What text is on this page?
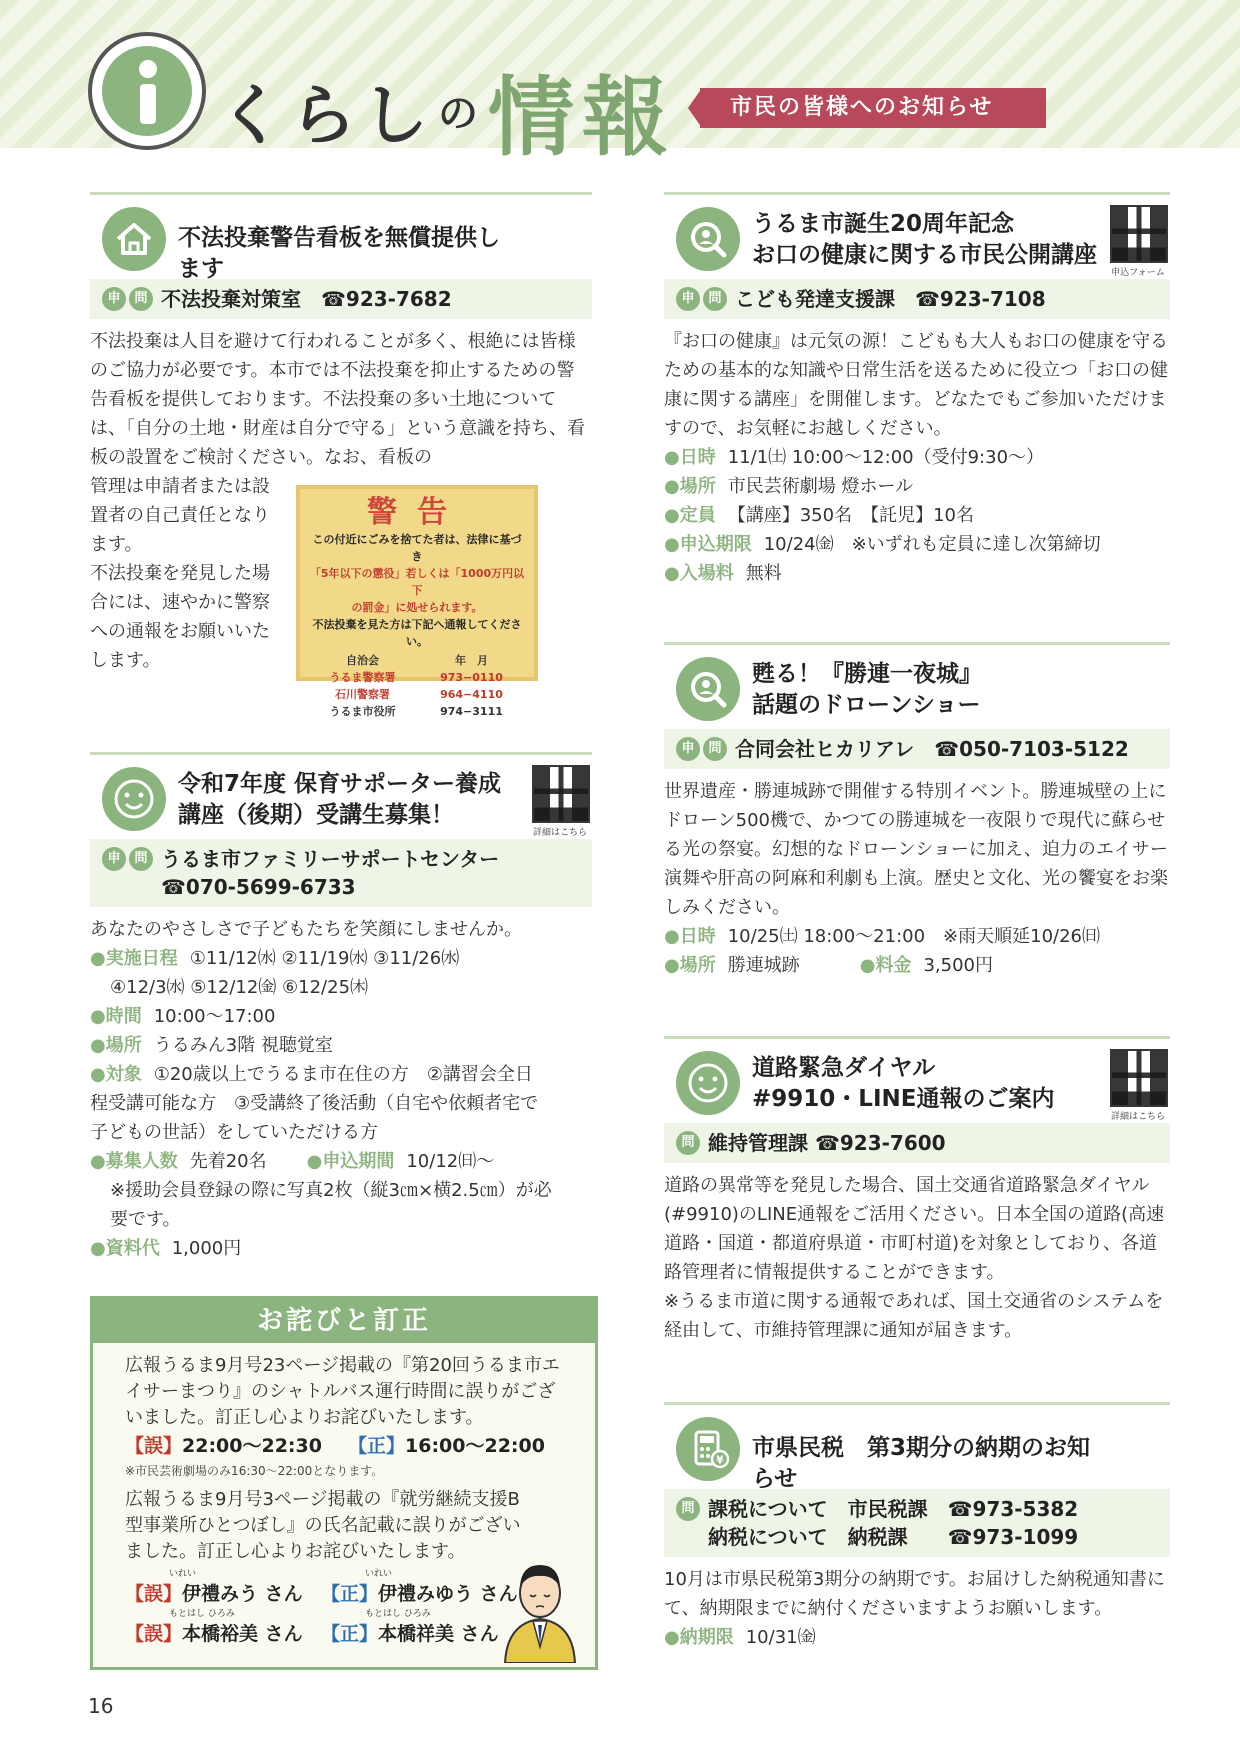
くらし の 情報	市民の皆様へのお知らせ
不法投棄警告看板を無償提供します
申	問 不法投棄対策室　☎923-7682

不法投棄は人目を避けて行われることが多く、根絶には皆様のご協力が必要です。本市では不法投棄を抑止するための警告看板を提供しております。不法投棄の多い土地については、「自分の土地・財産は自分で守る」という意識を持ち、看板の設置をご検討ください。なお、看板の

管理は申請者または設置者の自己責任となります。

不法投棄を発見した場合には、速やかに警察への通報をお願いいたします。

警告
この付近にごみを捨てた者は、法律に基づき
「5年以下の懲役」若しくは「1000万円以下
の罰金」に処せられます。
不法投棄を見た方は下記へ通報してください。
自治会	年　月
うるま警察署	973−0110
石川警察署	964−4110
うるま市役所	974−3111
令和7年度 保育サポーター養成講座（後期）受講生募集！
詳細はこちら
申	問 うるま市ファミリーサポートセンター
☎070-5699-6733

あなたのやさしさで子どもたちを笑顔にしませんか。

● 実施日程 ①11/12㈬ ②11/19㈬ ③11/26㈬
④12/3㈬ ⑤12/12㈮ ⑥12/25㈭
● 時間 10:00〜17:00
● 場所 うるみん3階 視聴覚室
● 対象 ①20歳以上でうるま市在住の方　②講習会全日
程受講可能な方　③受講終了後活動（自宅や依頼者宅で
子どもの世話）をしていただける方
● 募集人数 先着20名	● 申込期間 10/12㈰〜
※援助会員登録の際に写真2枚（縦3㎝×横2.5㎝）が必
要です。
● 資料代 1,000円
お詫びと訂正

広報うるま9月号23ページ掲載の『第20回うるま市エイサーまつり』のシャトルバス運行時間に誤りがございました。訂正し心よりお詫びいたします。

【誤】22:00〜22:30 【正】16:00〜22:00
※市民芸術劇場のみ16:30〜22:00となります。

広報うるま9月号3ページ掲載の『就労継続支援B型事業所ひとつぼし』の氏名記載に誤りがございました。訂正し心よりお詫びいたします。

いれい	いれい
【誤】伊禮みう さん 【正】伊禮みゆう さん
もとはし ひろみ	もとはし ひろみ
【誤】本橋裕美 さん 【正】本橋祥美 さん
うるま市誕生20周年記念
お口の健康に関する市民公開講座
申込フォーム
申	問 こども発達支援課　☎923-7108

『お口の健康』は元気の源！こどもも大人もお口の健康を守るための基本的な知識や日常生活を送るために役立つ「お口の健康に関する講座」を開催します。どなたでもご参加いただけますので、お気軽にお越しください。

● 日時 11/1㈯ 10:00〜12:00（受付9:30〜）
● 場所 市民芸術劇場 燈ホール
● 定員 【講座】350名　【託児】10名
● 申込期限 10/24㈮　※いずれも定員に達し次第締切
● 入場料 無料
甦る！『勝連一夜城』
話題のドローンショー
申	問 合同会社ヒカリアレ　☎050-7103-5122

世界遺産・勝連城跡で開催する特別イベント。勝連城壁の上にドローン500機で、かつての勝連城を一夜限りで現代に蘇らせる光の祭宴。幻想的なドローンショーに加え、迫力のエイサー演舞や肝高の阿麻和利劇も上演。歴史と文化、光の饗宴をお楽しみください。

● 日時 10/25㈯ 18:00〜21:00　※雨天順延10/26㈰
● 場所 勝連城跡	● 料金 3,500円
道路緊急ダイヤル
#9910・LINE通報のご案内
詳細はこちら
問 維持管理課 ☎923-7600

道路の異常等を発見した場合、国土交通省道路緊急ダイヤル(#9910)のLINE通報をご活用ください。日本全国の道路(高速道路・国道・都道府県道・市町村道)を対象としており、各道路管理者に情報提供することができます。

※うるま市道に関する通報であれば、国土交通省のシステムを経由して、市維持管理課に通知が届きます。

¥ 市県民税　第3期分の納期のお知らせ
問 課税について　市民税課　☎973-5382
納税について　納税課　　☎973-1099

10月は市県民税第3期分の納期です。お届けした納税通知書にて、納期限までに納付くださいますようお願いします。

● 納期限 10/31㈮
16
